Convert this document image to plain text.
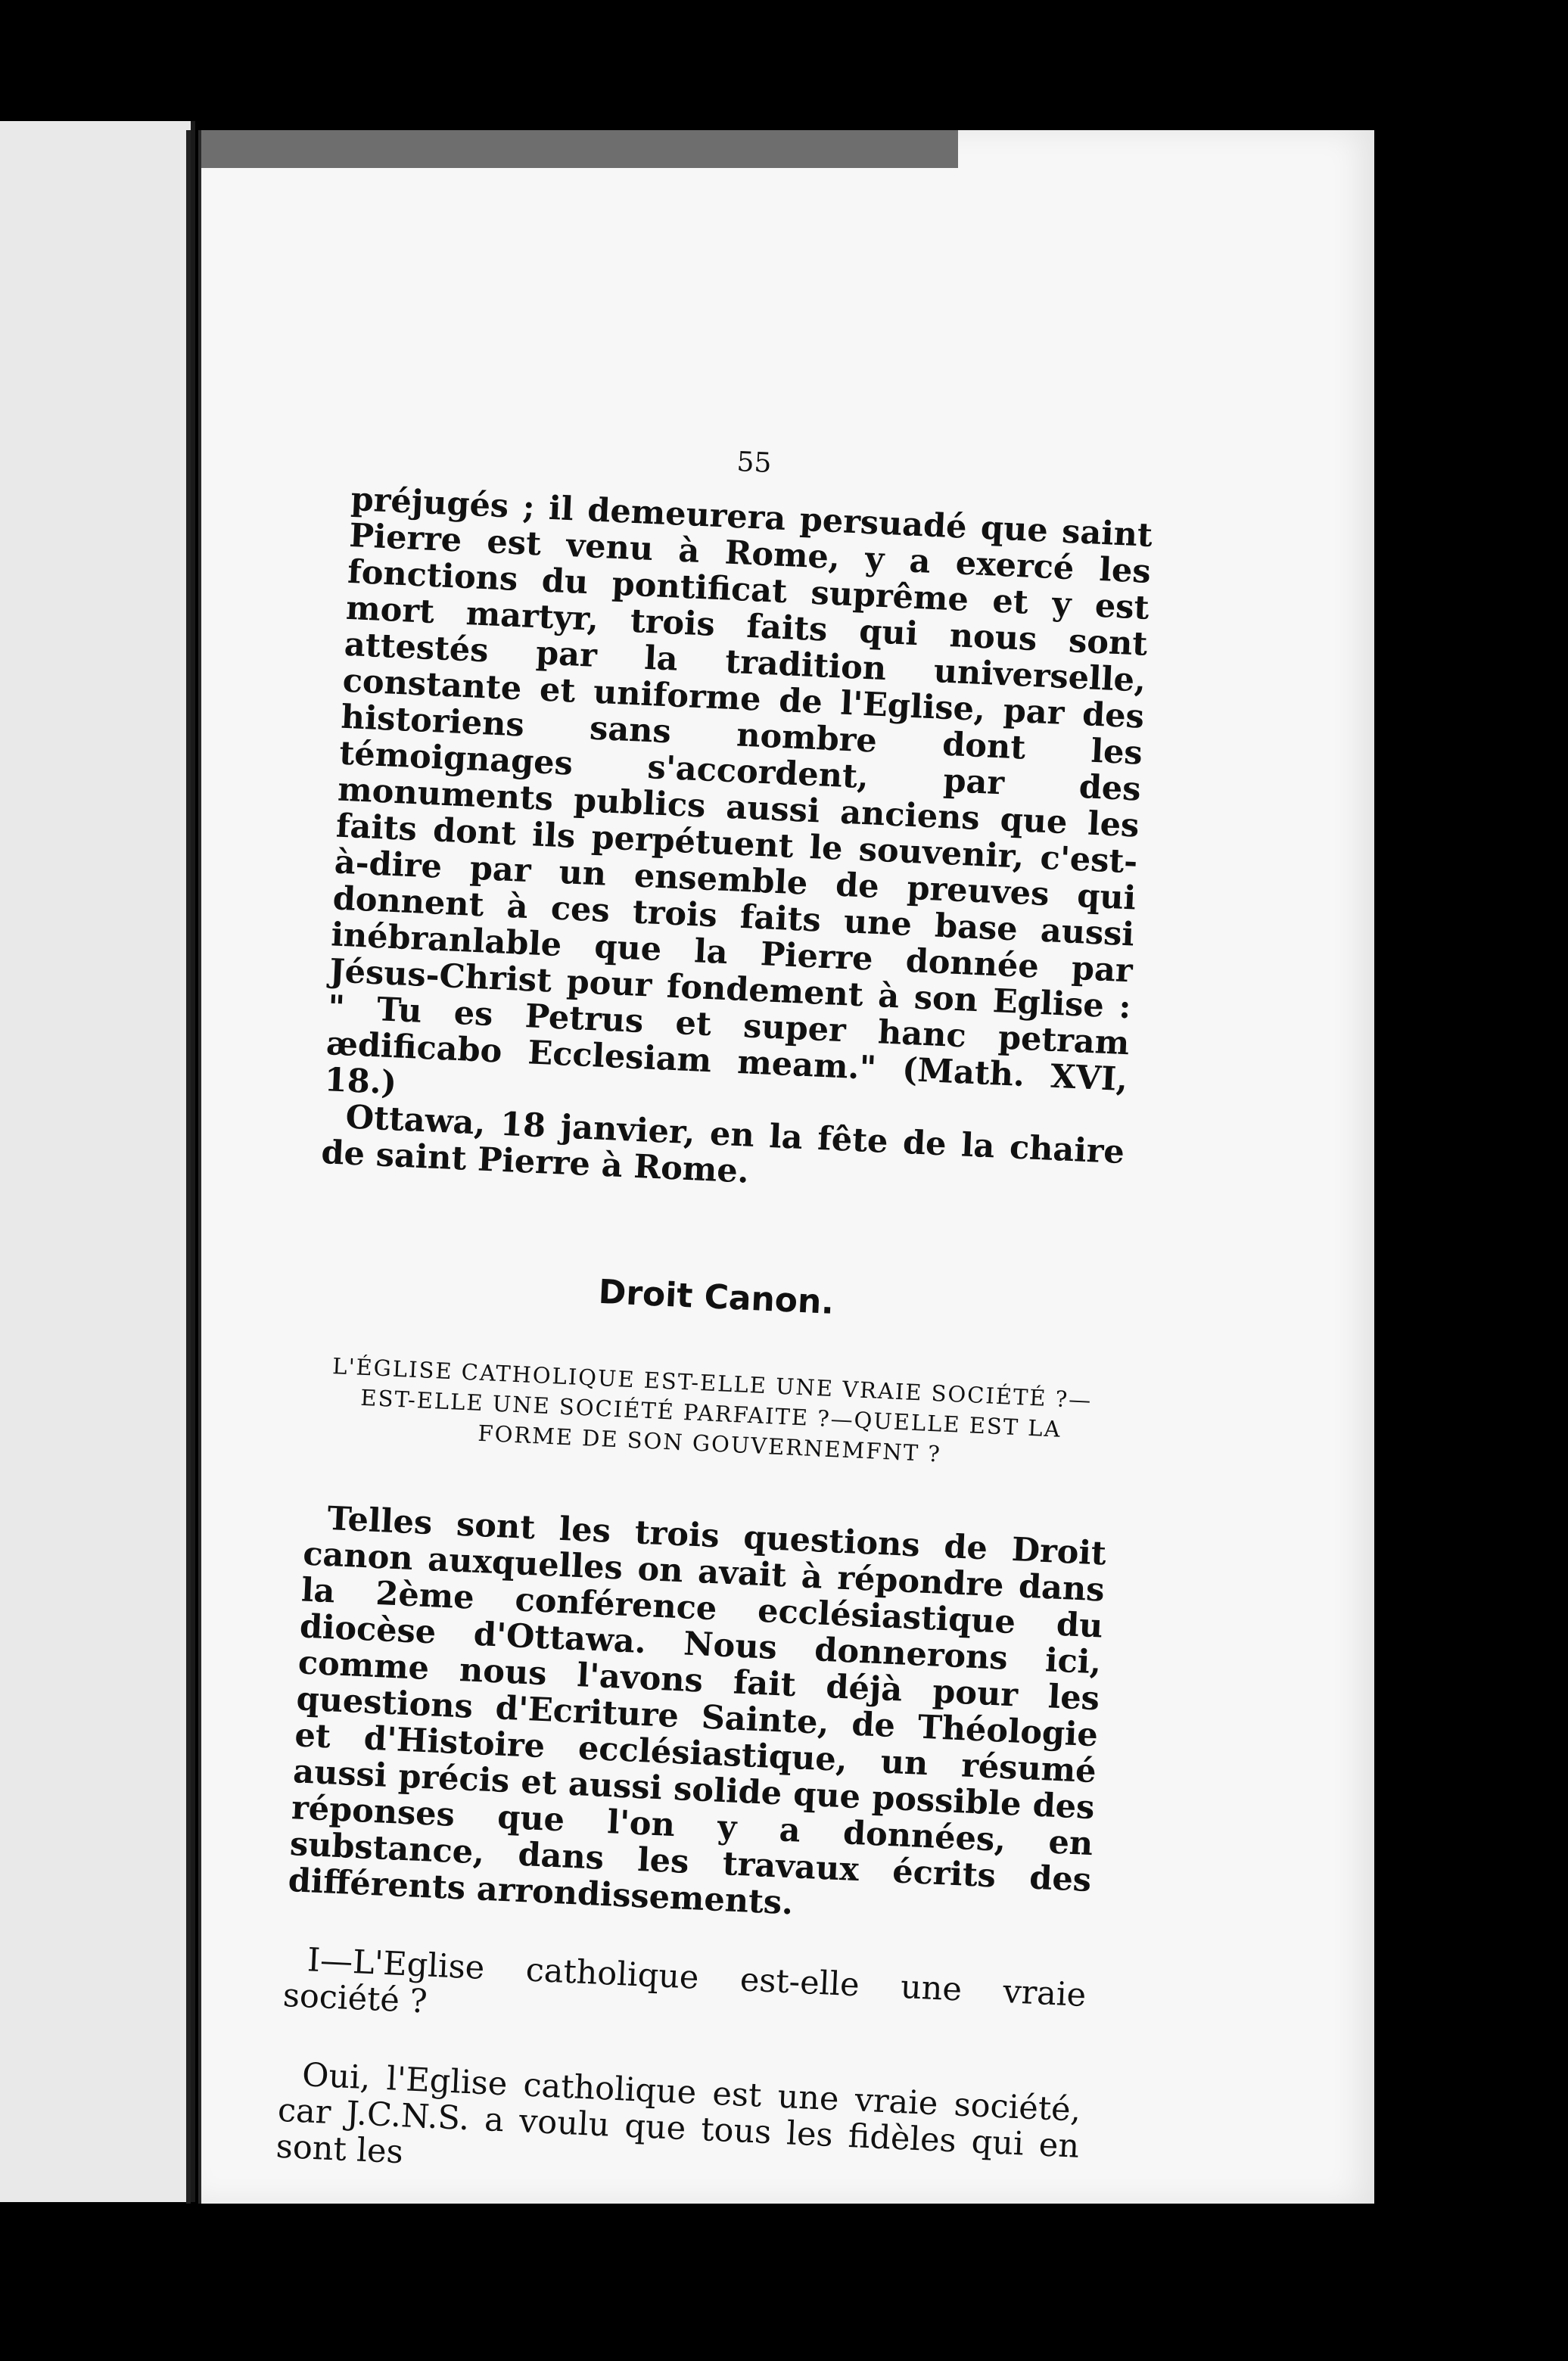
55

préjugés ; il demeurera persuadé que saint Pierre est venu à Rome, y a exercé les fonctions du pontificat suprême et y est mort martyr, trois faits qui nous sont attestés par la tradition universelle, constante et uniforme de l'Eglise, par des historiens sans nombre dont les témoignages s'accordent, par des monuments publics aussi anciens que les faits dont ils perpétuent le souvenir, c'est-à-dire par un ensemble de preuves qui donnent à ces trois faits une base aussi inébranlable que la Pierre donnée par Jésus-Christ pour fondement à son Eglise : " Tu es Petrus et super hanc petram ædificabo Ecclesiam meam." (Math. XVI, 18.)

Ottawa, 18 janvier, en la fête de la chaire de saint Pierre à Rome.

Droit Canon.
L'ÉGLISE CATHOLIQUE EST-ELLE UNE VRAIE SOCIÉTÉ ?—EST-ELLE UNE SOCIÉTÉ PARFAITE ?—QUELLE EST LA FORME DE SON GOUVERNEMFNT ?

Telles sont les trois questions de Droit canon auxquelles on avait à répondre dans la 2ème conférence ecclésiastique du diocèse d'Ottawa. Nous donnerons ici, comme nous l'avons fait déjà pour les questions d'Ecriture Sainte, de Théologie et d'Histoire ecclésiastique, un résumé aussi précis et aussi solide que possible des réponses que l'on y a données, en substance, dans les travaux écrits des différents arrondissements.

I—L'Eglise catholique est-elle une vraie société ?

Oui, l'Eglise catholique est une vraie société, car J.C.N.S. a voulu que tous les fidèles qui en sont les
